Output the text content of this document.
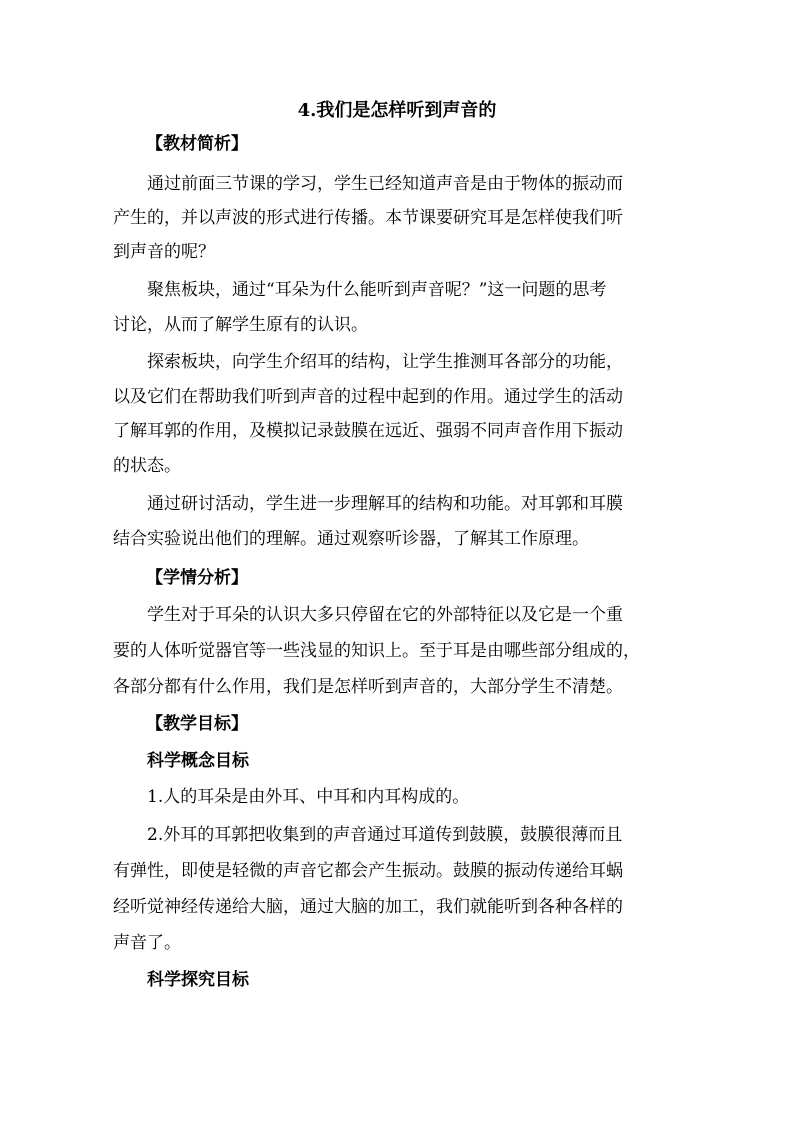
4.我们是怎样听到声音的
【教材简析】
通过前面三节课的学习，学生已经知道声音是由于物体的振动而
产生的，并以声波的形式进行传播。本节课要研究耳是怎样使我们听
到声音的呢？
聚焦板块，通过“耳朵为什么能听到声音呢？”这一问题的思考
讨论，从而了解学生原有的认识。
探索板块，向学生介绍耳的结构，让学生推测耳各部分的功能，
以及它们在帮助我们听到声音的过程中起到的作用。通过学生的活动
了解耳郭的作用，及模拟记录鼓膜在远近、强弱不同声音作用下振动
的状态。
通过研讨活动，学生进一步理解耳的结构和功能。对耳郭和耳膜
结合实验说出他们的理解。通过观察听诊器，了解其工作原理。
【学情分析】
学生对于耳朵的认识大多只停留在它的外部特征以及它是一个重
要的人体听觉器官等一些浅显的知识上。至于耳是由哪些部分组成的，
各部分都有什么作用，我们是怎样听到声音的，大部分学生不清楚。
【教学目标】
科学概念目标
1.人的耳朵是由外耳、中耳和内耳构成的。
2.外耳的耳郭把收集到的声音通过耳道传到鼓膜，鼓膜很薄而且
有弹性，即使是轻微的声音它都会产生振动。鼓膜的振动传递给耳蜗
经听觉神经传递给大脑，通过大脑的加工，我们就能听到各种各样的
声音了。
科学探究目标
